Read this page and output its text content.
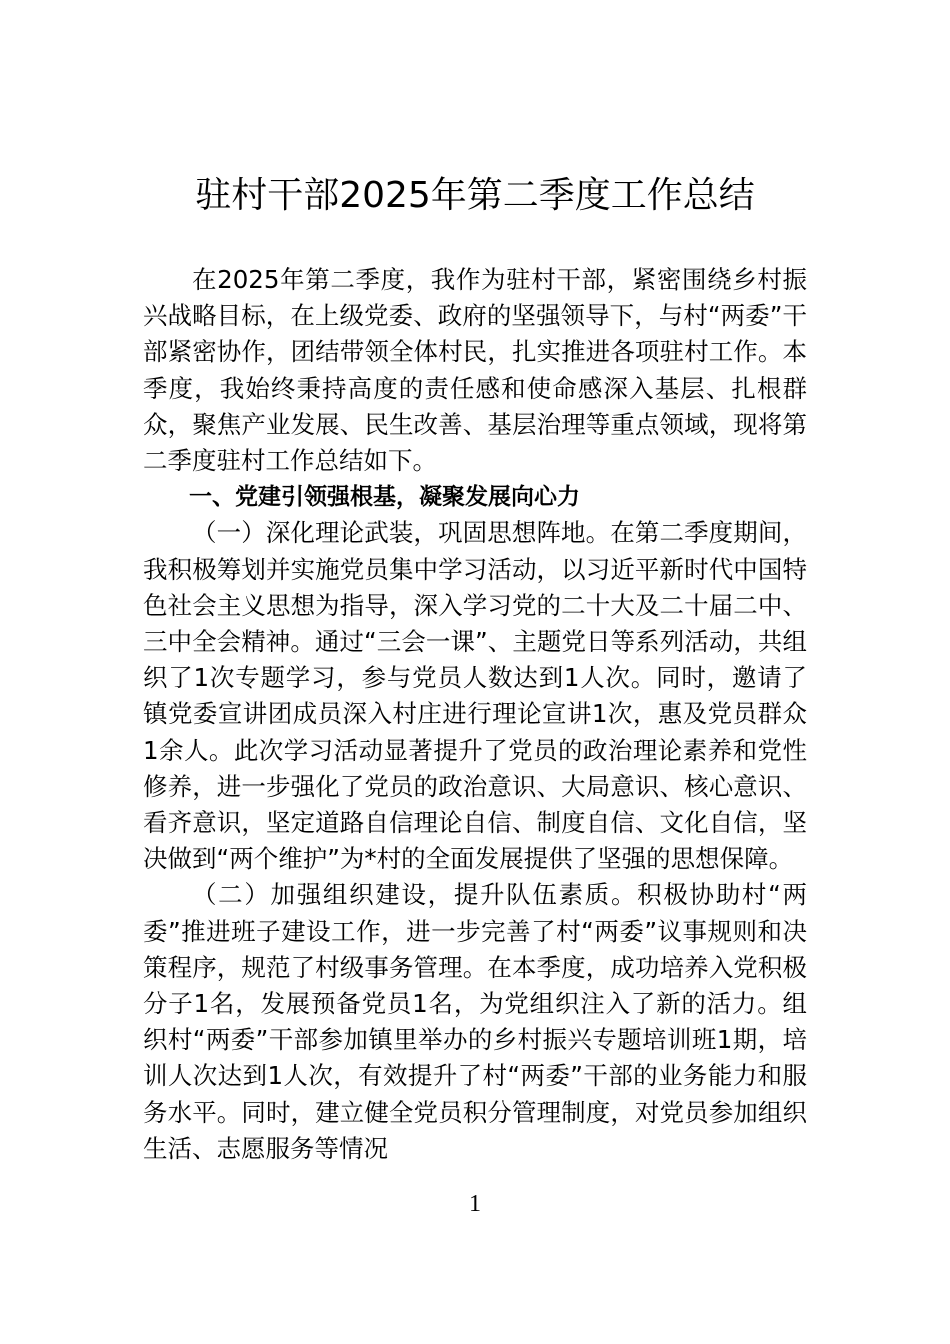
驻村干部2025年第二季度工作总结

在2025年第二季度，我作为驻村干部，紧密围绕乡村振兴战略目标，在上级党委、政府的坚强领导下，与村“两委”干部紧密协作，团结带领全体村民，扎实推进各项驻村工作。本季度，我始终秉持高度的责任感和使命感深入基层、扎根群众，聚焦产业发展、民生改善、基层治理等重点领域，现将第二季度驻村工作总结如下。

一、党建引领强根基，凝聚发展向心力

（一）深化理论武装，巩固思想阵地。在第二季度期间，我积极筹划并实施党员集中学习活动，以习近平新时代中国特色社会主义思想为指导，深入学习党的二十大及二十届二中、三中全会精神。通过“三会一课”、主题党日等系列活动，共组织了1次专题学习，参与党员人数达到1人次。同时，邀请了镇党委宣讲团成员深入村庄进行理论宣讲1次，惠及党员群众1余人。此次学习活动显著提升了党员的政治理论素养和党性修养，进一步强化了党员的政治意识、大局意识、核心意识、看齐意识，坚定道路自信理论自信、制度自信、文化自信，坚决做到“两个维护”为*村的全面发展提供了坚强的思想保障。

（二）加强组织建设，提升队伍素质。积极协助村“两委”推进班子建设工作，进一步完善了村“两委”议事规则和决策程序，规范了村级事务管理。在本季度，成功培养入党积极分子1名，发展预备党员1名，为党组织注入了新的活力。组织村“两委”干部参加镇里举办的乡村振兴专题培训班1期，培训人次达到1人次，有效提升了村“两委”干部的业务能力和服务水平。同时，建立健全党员积分管理制度，对党员参加组织生活、志愿服务等情况

1
